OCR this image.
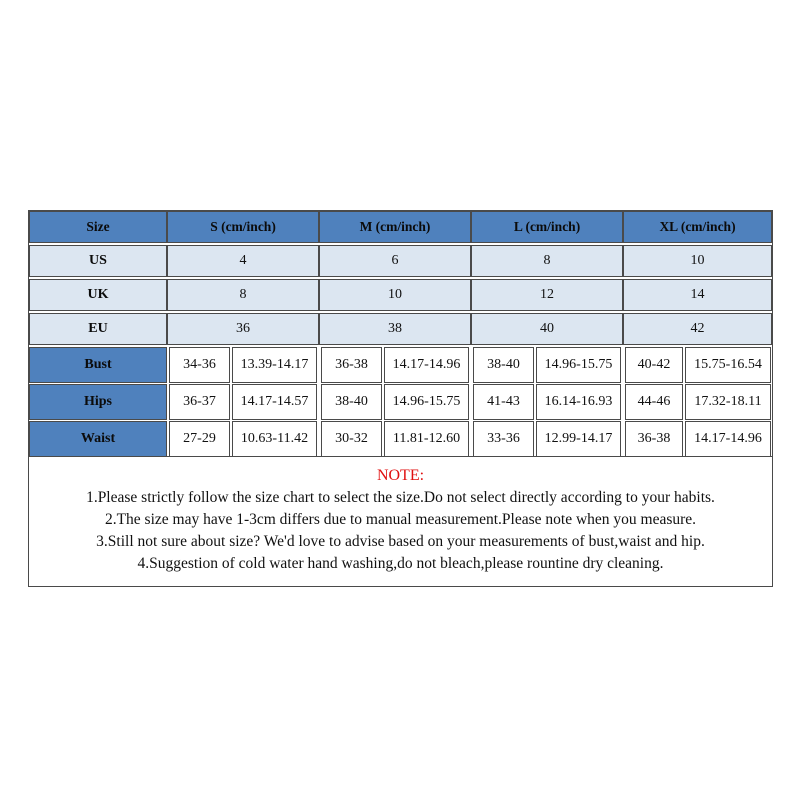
Size	S (cm/inch)	M (cm/inch)	L (cm/inch)	XL (cm/inch)
US	4	6	8	10
UK	8	10	12	14
EU	36	38	40	42
Bust	34-36	13.39-14.17	36-38	14.17-14.96	38-40	14.96-15.75	40-42	15.75-16.54
Hips	36-37	14.17-14.57	38-40	14.96-15.75	41-43	16.14-16.93	44-46	17.32-18.11
Waist	27-29	10.63-11.42	30-32	11.81-12.60	33-36	12.99-14.17	36-38	14.17-14.96
NOTE:
1.Please strictly follow the size chart to select the size.Do not select directly according to your habits.
2.The size may have 1-3cm differs due to manual measurement.Please note when you measure.
3.Still not sure about size? We'd love to advise based on your measurements of bust,waist and hip.
4.Suggestion of cold water hand washing,do not bleach,please rountine dry cleaning.
